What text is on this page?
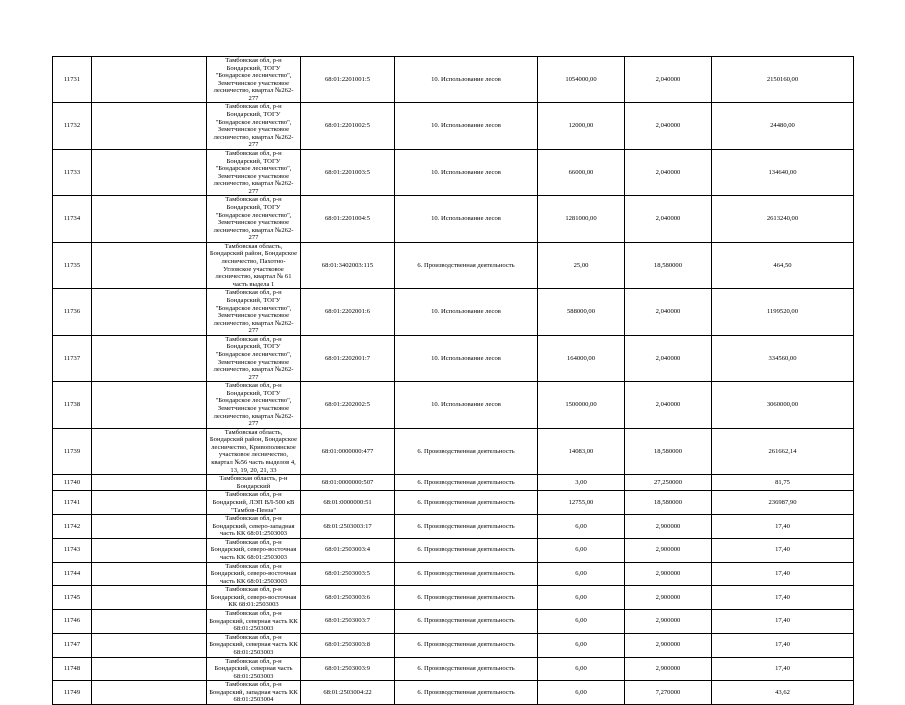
11731		Тамбовская обл, р-н Бондарский, ТОГУ "Бондарское лесничество", Земетчинское участковое лесничество, квартал №262-277	68:01:2201001:5	10. Использование лесов	1054000,00	2,040000	2150160,00
11732		Тамбовская обл, р-н Бондарский, ТОГУ "Бондарское лесничество", Земетчинское участковое лесничество, квартал №262-277	68:01:2201002:5	10. Использование лесов	12000,00	2,040000	24480,00
11733		Тамбовская обл, р-н Бондарский, ТОГУ "Бондарское лесничество", Земетчинское участковое лесничество, квартал №262-277	68:01:2201003:5	10. Использование лесов	66000,00	2,040000	134640,00
11734		Тамбовская обл, р-н Бондарский, ТОГУ "Бондарское лесничество", Земетчинское участковое лесничество, квартал №262-277	68:01:2201004:5	10. Использование лесов	1281000,00	2,040000	2613240,00
11735		Тамбовская область, Бондарский район, Бондарское лесничество, Пахотно-Угловское участковое лесничество, квартал № 61 часть выдела 1	68:01:3402003:115	6. Производственная деятельность	25,00	18,580000	464,50
11736		Тамбовская обл, р-н Бондарский, ТОГУ "Бондарское лесничество", Земетчинское участковое лесничество, квартал №262-277	68:01:2202001:6	10. Использование лесов	588000,00	2,040000	1199520,00
11737		Тамбовская обл, р-н Бондарский, ТОГУ "Бондарское лесничество", Земетчинское участковое лесничество, квартал №262-277	68:01:2202001:7	10. Использование лесов	164000,00	2,040000	334560,00
11738		Тамбовская обл, р-н Бондарский, ТОГУ "Бондарское лесничество", Земетчинское участковое лесничество, квартал №262-277	68:01:2202002:5	10. Использование лесов	1500000,00	2,040000	3060000,00
11739		Тамбовская область, Бондарский район, Бондарское лесничество, Кривополянское участковое лесничество, квартал №56 часть выделов 4, 13, 19, 20, 21, 33	68:01:0000000:477	6. Производственная деятельность	14083,00	18,580000	261662,14
11740		Тамбовская область, р-н Бондарский	68:01:0000000:507	6. Производственная деятельность	3,00	27,250000	81,75
11741		Тамбовская обл, р-н Бондарский, ЛЭП ВЛ-500 кВ "Тамбов-Пенза"	68:01:0000000:51	6. Производственная деятельность	12755,00	18,580000	236987,90
11742		Тамбовская обл, р-н Бондарский, северо-западная часть КК 68:01:2503003	68:01:2503003:17	6. Производственная деятельность	6,00	2,900000	17,40
11743		Тамбовская обл, р-н Бондарский, северо-восточная часть КК 68:01:2503003	68:01:2503003:4	6. Производственная деятельность	6,00	2,900000	17,40
11744		Тамбовская обл, р-н Бондарский, северо-восточная часть КК 68:01:2503003	68:01:2503003:5	6. Производственная деятельность	6,00	2,900000	17,40
11745		Тамбовская обл, р-н Бондарский, северо-восточная КК 68:01:2503003	68:01:2503003:6	6. Производственная деятельность	6,00	2,900000	17,40
11746		Тамбовская обл, р-н Бондарский, северная часть КК 68:01:2503003	68:01:2503003:7	6. Производственная деятельность	6,00	2,900000	17,40
11747		Тамбовская обл, р-н Бондарский, северная часть КК 68:01:2503003	68:01:2503003:8	6. Производственная деятельность	6,00	2,900000	17,40
11748		Тамбовская обл, р-н Бондарский, северная часть 68:01:2503003	68:01:2503003:9	6. Производственная деятельность	6,00	2,900000	17,40
11749		Тамбовская обл, р-н Бондарский, западная часть КК 68:01:2503004	68:01:2503004:22	6. Производственная деятельность	6,00	7,270000	43,62
